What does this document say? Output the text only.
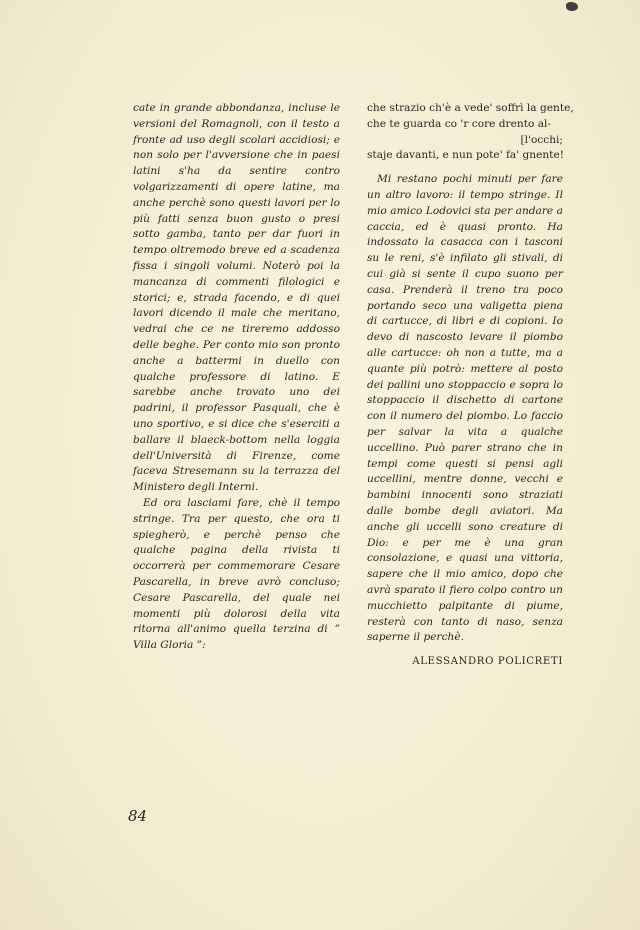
cate in grande abbondanza, incluse le versioni del Romagnoli, con il testo a fronte ad uso degli scolari accidiosi; e non solo per l'avversione che in paesi latini s'ha da sentire contro volgarizzamenti di opere latine, ma anche perchè sono questi lavori per lo più fatti senza buon gusto o presi sotto gamba, tanto per dar fuori in tempo oltremodo breve ed a scadenza fissa i singoli volumi. Noterò poi la mancanza di commenti filologici e storici; e, strada facendo, e di quei lavori dicendo il male che meritano, vedrai che ce ne tireremo addosso delle beghe. Per conto mio son pronto anche a battermi in duello con qualche professore di latino. E sarebbe anche trovato uno dei padrini, il professor Pasquali, che è uno sportivo, e si dice che s'eserciti a ballare il blaeck-bottom nella loggia dell'Università di Firenze, come faceva Stresemann su la terrazza del Ministero degli Interni.

Ed ora lasciami fare, chè il tempo stringe. Tra per questo, che ora ti spiegherò, e perchè penso che qualche pagina della rivista ti occorrerà per commemorare Cesare Pascarella, in breve avrò concluso; Cesare Pascarella, del quale nei momenti più dolorosi della vita ritorna all'animo quella terzina di ” Villa Gloria ”:

che strazio ch'è a vede' soffrì la gente,
che te guarda co 'r core drento al-
[l'occhi;
staje davanti, e nun pote' fa' gnente!

Mi restano pochi minuti per fare un altro lavoro: il tempo stringe. Il mio amico Lodovici sta per andare a caccia, ed è quasi pronto. Ha indossato la casacca con i tasconi su le reni, s'è infilato gli stivali, di cui già si sente il cupo suono per casa. Prenderà il treno tra poco portando seco una valigetta piena di cartucce, di libri e di copioni. Io devo di nascosto levare il piombo alle cartucce: oh non a tutte, ma a quante più potrò: mettere al posto dei pallini uno stoppaccio e sopra lo stoppaccio il dischetto di cartone con il numero del piombo. Lo faccio per salvar la vita a qualche uccellino. Può parer strano che in tempi come questi si pensi agli uccellini, mentre donne, vecchi e bambini innocenti sono straziati dalle bombe degli aviatori. Ma anche gli uccelli sono creature di Dio: e per me è una gran consolazione, e quasi una vittoria, sapere che il mio amico, dopo che avrà sparato il fiero colpo contro un mucchietto palpitante di piume, resterà con tanto di naso, senza saperne il perchè.

ALESSANDRO POLICRETI
84
